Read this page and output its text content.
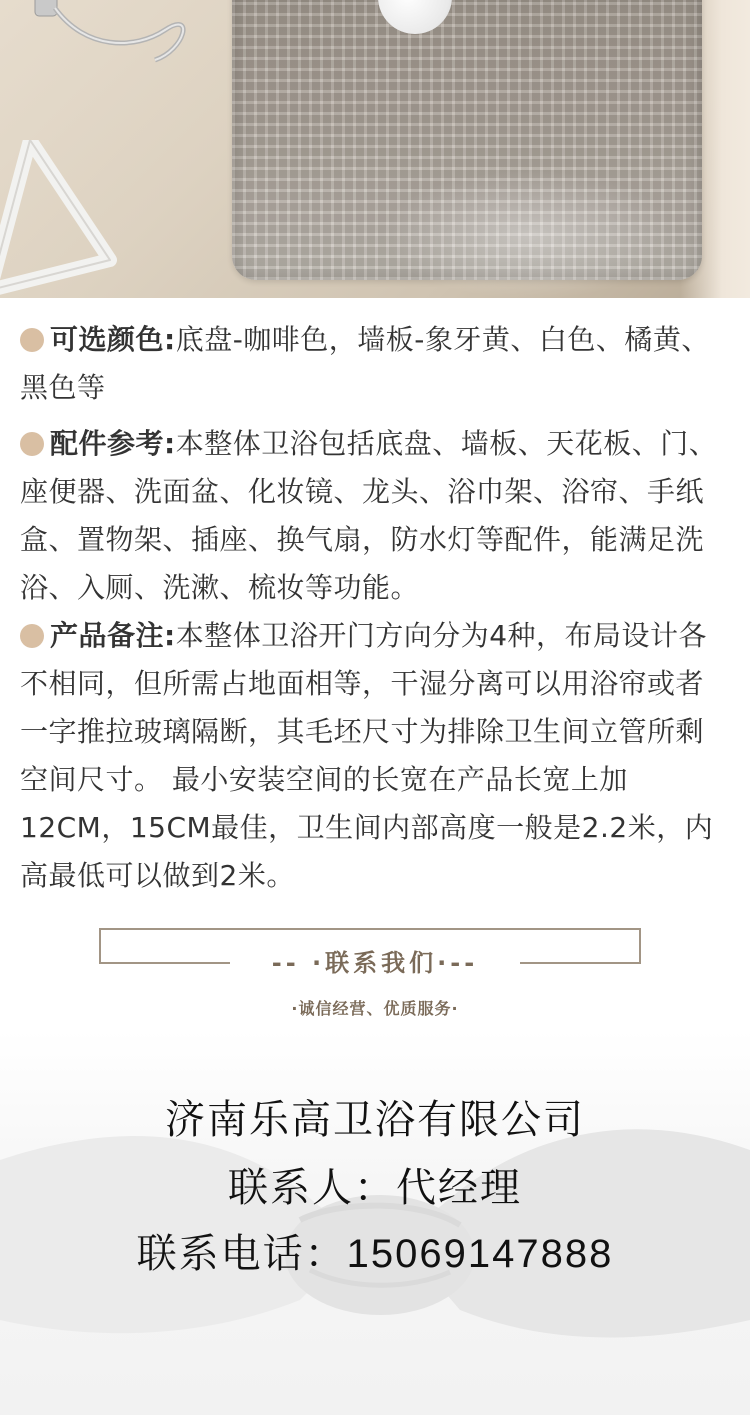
可选颜色:底盘-咖啡色，墙板-象牙黄、白色、橘黄、黑色等

配件参考:本整体卫浴包括底盘、墙板、天花板、门、座便器、洗面盆、化妆镜、龙头、浴巾架、浴帘、手纸盒、置物架、插座、换气扇，防水灯等配件，能满足洗浴、入厕、洗漱、梳妆等功能。

产品备注:本整体卫浴开门方向分为4种，布局设计各不相同，但所需占地面相等，干湿分离可以用浴帘或者一字推拉玻璃隔断，其毛坯尺寸为排除卫生间立管所剩空间尺寸。 最小安装空间的长宽在产品长宽上加12CM，15CM最佳，卫生间内部高度一般是2.2米，内高最低可以做到2米。

-- ·联系我们·--
·诚信经营、优质服务·
济南乐高卫浴有限公司
联系人：代经理
联系电话：15069147888
